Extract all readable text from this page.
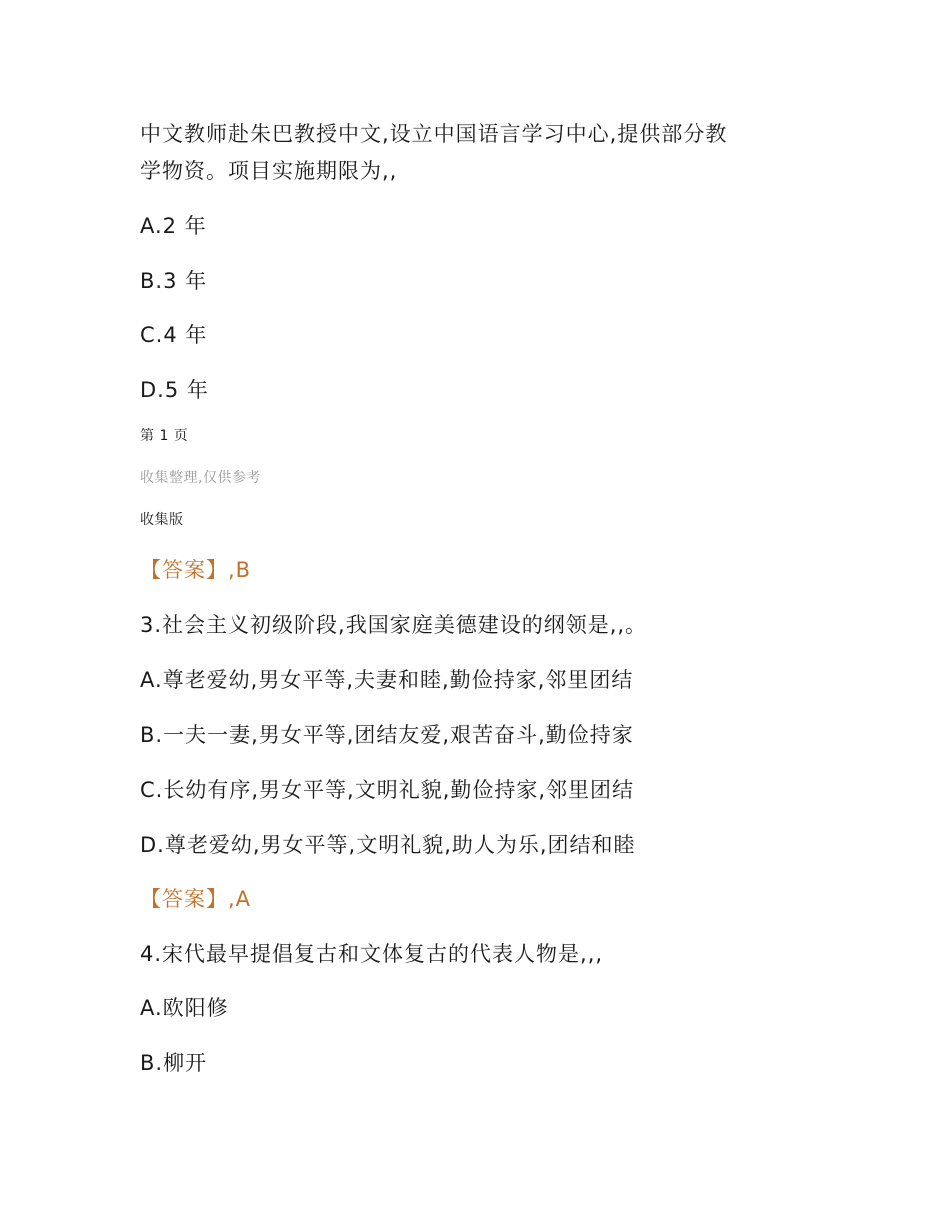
中文教师赴朱巴教授中文,设立中国语言学习中心,提供部分教
学物资。项目实施期限为,,
A.2 年
B.3 年
C.4 年
D.5 年
第 1 页
收集整理,仅供参考
收集版
【答案】,B
3.社会主义初级阶段,我国家庭美德建设的纲领是,,。
A.尊老爱幼,男女平等,夫妻和睦,勤俭持家,邻里团结
B.一夫一妻,男女平等,团结友爱,艰苦奋斗,勤俭持家
C.长幼有序,男女平等,文明礼貌,勤俭持家,邻里团结
D.尊老爱幼,男女平等,文明礼貌,助人为乐,团结和睦
【答案】,A
4.宋代最早提倡复古和文体复古的代表人物是,,,
A.欧阳修
B.柳开
